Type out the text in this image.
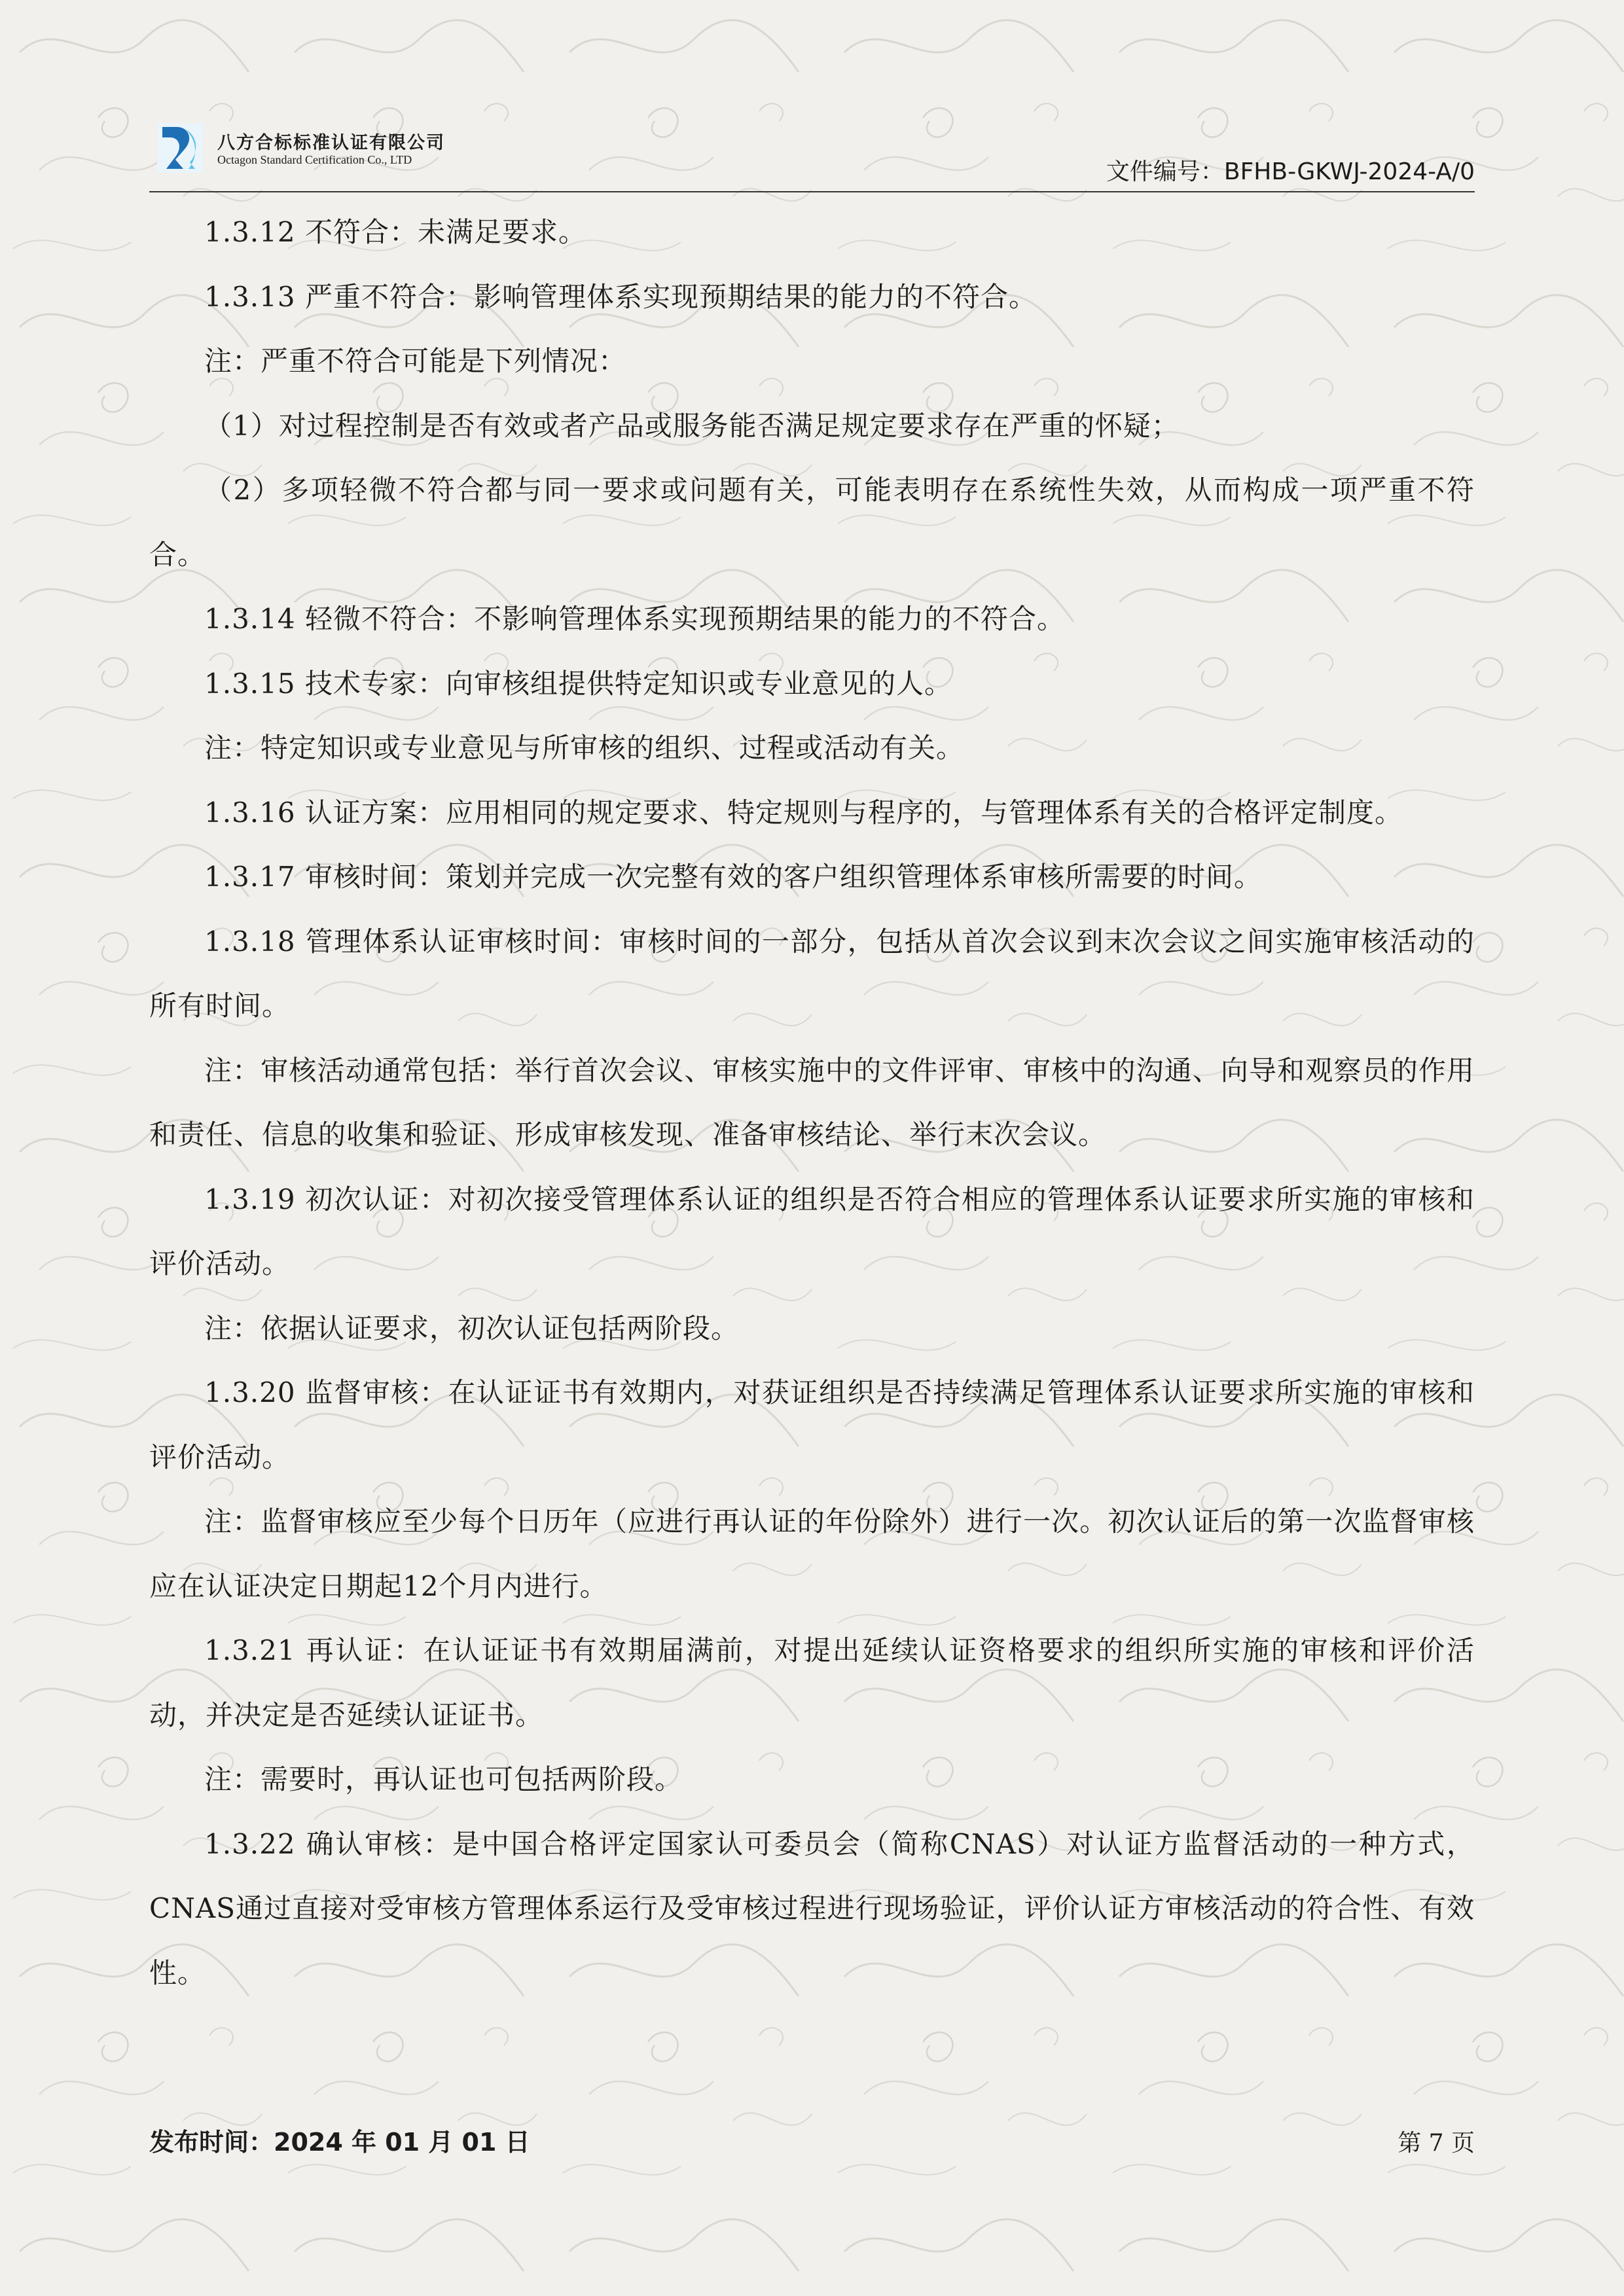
八方合标标准认证有限公司
Octagon Standard Certification Co., LTD	文件编号：BFHB-GKWJ-2024-A/0

1.3.12 不符合：未满足要求。

1.3.13 严重不符合：影响管理体系实现预期结果的能力的不符合。

注：严重不符合可能是下列情况：

（1）对过程控制是否有效或者产品或服务能否满足规定要求存在严重的怀疑；

（2）多项轻微不符合都与同一要求或问题有关，可能表明存在系统性失效，从而构成一项严重不符合。

1.3.14 轻微不符合：不影响管理体系实现预期结果的能力的不符合。

1.3.15 技术专家：向审核组提供特定知识或专业意见的人。

注：特定知识或专业意见与所审核的组织、过程或活动有关。

1.3.16 认证方案：应用相同的规定要求、特定规则与程序的，与管理体系有关的合格评定制度。

1.3.17 审核时间：策划并完成一次完整有效的客户组织管理体系审核所需要的时间。

1.3.18 管理体系认证审核时间：审核时间的一部分，包括从首次会议到末次会议之间实施审核活动的所有时间。

注：审核活动通常包括：举行首次会议、审核实施中的文件评审、审核中的沟通、向导和观察员的作用和责任、信息的收集和验证、形成审核发现、准备审核结论、举行末次会议。

1.3.19 初次认证：对初次接受管理体系认证的组织是否符合相应的管理体系认证要求所实施的审核和评价活动。

注：依据认证要求，初次认证包括两阶段。

1.3.20 监督审核：在认证证书有效期内，对获证组织是否持续满足管理体系认证要求所实施的审核和评价活动。

注：监督审核应至少每个日历年（应进行再认证的年份除外）进行一次。初次认证后的第一次监督审核应在认证决定日期起12个月内进行。

1.3.21 再认证：在认证证书有效期届满前，对提出延续认证资格要求的组织所实施的审核和评价活动，并决定是否延续认证证书。

注：需要时，再认证也可包括两阶段。

1.3.22 确认审核：是中国合格评定国家认可委员会（简称CNAS）对认证方监督活动的一种方式，CNAS通过直接对受审核方管理体系运行及受审核过程进行现场验证，评价认证方审核活动的符合性、有效性。

发布时间：2024 年 01 月 01 日	第 7 页
